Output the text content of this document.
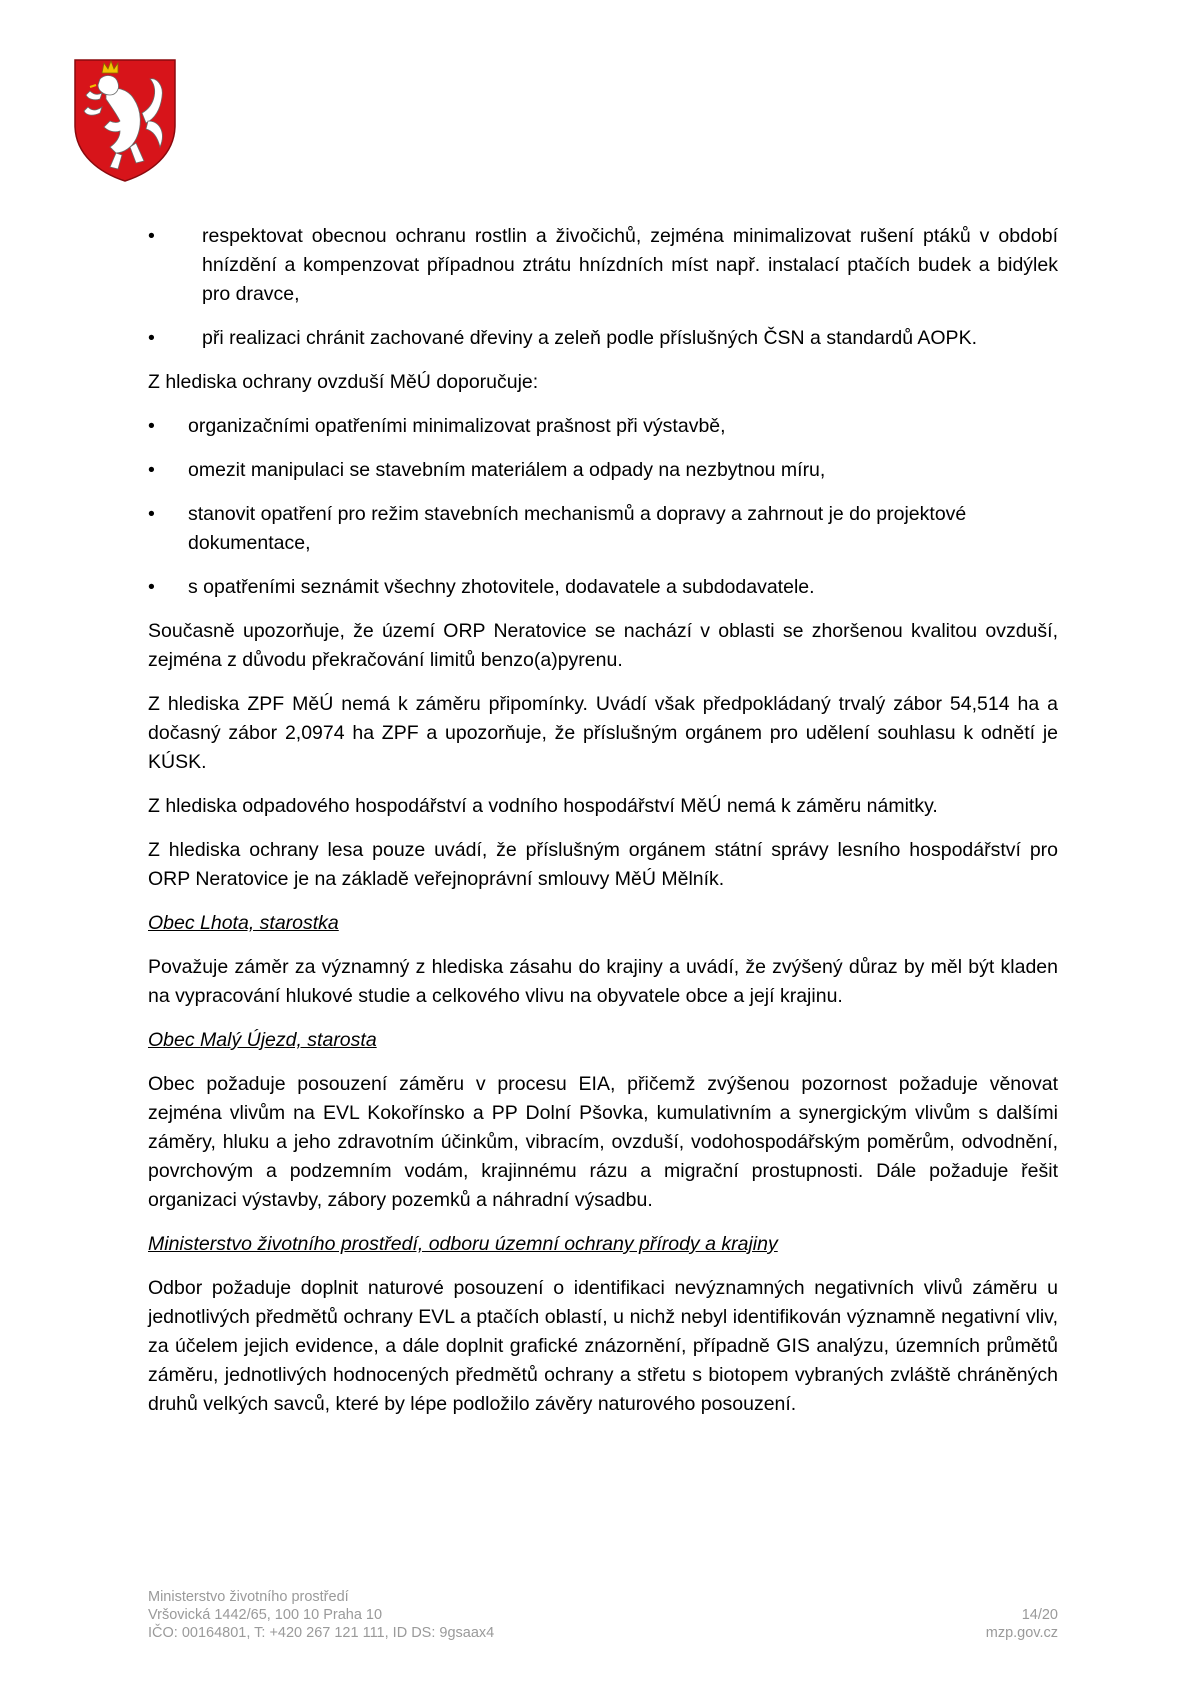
•	respektovat obecnou ochranu rostlin a živočichů, zejména minimalizovat rušení ptáků v období hnízdění a kompenzovat případnou ztrátu hnízdních míst např. instalací ptačích budek a bidýlek pro dravce,
•	při realizaci chránit zachované dřeviny a zeleň podle příslušných ČSN a standardů AOPK.

Z hlediska ochrany ovzduší MěÚ doporučuje:

•	organizačními opatřeními minimalizovat prašnost při výstavbě,
•	omezit manipulaci se stavebním materiálem a odpady na nezbytnou míru,
•	stanovit opatření pro režim stavebních mechanismů a dopravy a zahrnout je do projektové dokumentace,
•	s opatřeními seznámit všechny zhotovitele, dodavatele a subdodavatele.

Současně upozorňuje, že území ORP Neratovice se nachází v oblasti se zhoršenou kvalitou ovzduší, zejména z důvodu překračování limitů benzo(a)pyrenu.

Z hlediska ZPF MěÚ nemá k záměru připomínky. Uvádí však předpokládaný trvalý zábor 54,514 ha a dočasný zábor 2,0974 ha ZPF a upozorňuje, že příslušným orgánem pro udělení souhlasu k odnětí je KÚSK.

Z hlediska odpadového hospodářství a vodního hospodářství MěÚ nemá k záměru námitky.

Z hlediska ochrany lesa pouze uvádí, že příslušným orgánem státní správy lesního hospodářství pro ORP Neratovice je na základě veřejnoprávní smlouvy MěÚ Mělník.

Obec Lhota, starostka

Považuje záměr za významný z hlediska zásahu do krajiny a uvádí, že zvýšený důraz by měl být kladen na vypracování hlukové studie a celkového vlivu na obyvatele obce a její krajinu.

Obec Malý Újezd, starosta

Obec požaduje posouzení záměru v procesu EIA, přičemž zvýšenou pozornost požaduje věnovat zejména vlivům na EVL Kokořínsko a PP Dolní Pšovka, kumulativním a synergickým vlivům s dalšími záměry, hluku a jeho zdravotním účinkům, vibracím, ovzduší, vodohospodářským poměrům, odvodnění, povrchovým a podzemním vodám, krajinnému rázu a migrační prostupnosti. Dále požaduje řešit organizaci výstavby, zábory pozemků a náhradní výsadbu.

Ministerstvo životního prostředí, odboru územní ochrany přírody a krajiny

Odbor požaduje doplnit naturové posouzení o identifikaci nevýznamných negativních vlivů záměru u jednotlivých předmětů ochrany EVL a ptačích oblastí, u nichž nebyl identifikován významně negativní vliv, za účelem jejich evidence, a dále doplnit grafické znázornění, případně GIS analýzu, územních průmětů záměru, jednotlivých hodnocených předmětů ochrany a střetu s biotopem vybraných zvláště chráněných druhů velkých savců, které by lépe podložilo závěry naturového posouzení.

Ministerstvo životního prostředí
Vršovická 1442/65, 100 10 Praha 10	14/20
IČO: 00164801, T: +420 267 121 111, ID DS: 9gsaax4	mzp.gov.cz
